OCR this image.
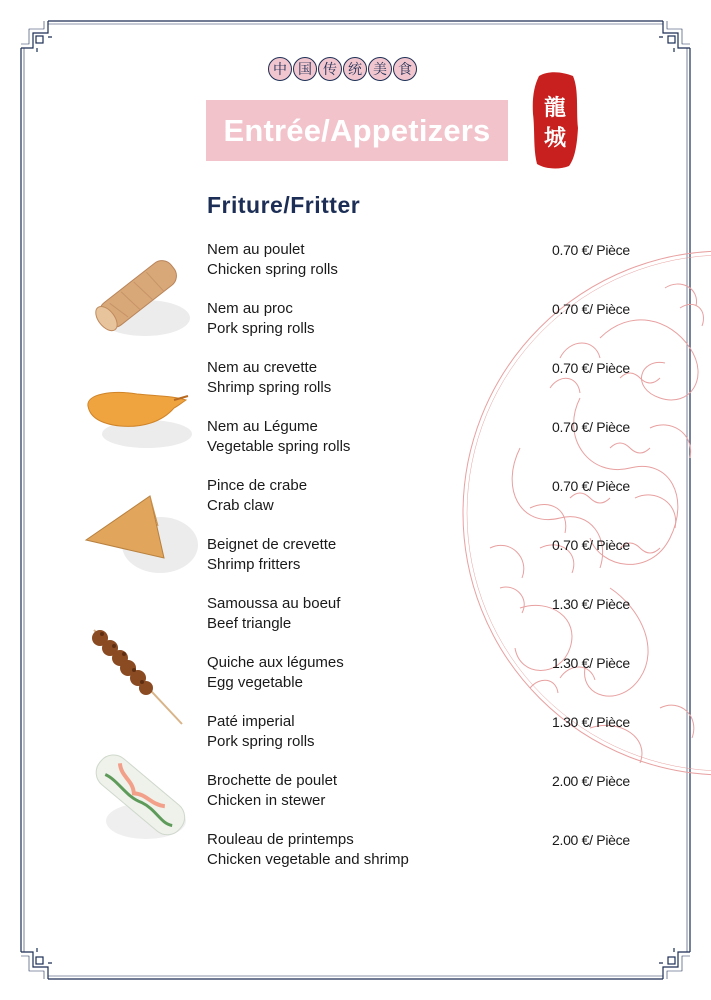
中 国 传 统 美 食
Entrée/Appetizers
龍
城
Friture/Fritter
Nem au poulet
Chicken spring rolls
0.70 €/ Pièce
Nem au proc
Pork spring rolls
0.70 €/ Pièce
Nem au crevette
Shrimp spring rolls
0.70 €/ Pièce
Nem au Légume
Vegetable spring rolls
0.70 €/ Pièce
Pince de crabe
Crab claw
0.70 €/ Pièce
Beignet de crevette
Shrimp fritters
0.70 €/ Pièce
Samoussa au boeuf
Beef triangle
1.30 €/ Pièce
Quiche aux légumes
Egg vegetable
1.30 €/ Pièce
Paté imperial
Pork spring rolls
1.30 €/ Pièce
Brochette de poulet
Chicken in stewer
2.00 €/ Pièce
Rouleau de printemps
Chicken vegetable and shrimp
2.00 €/ Pièce
